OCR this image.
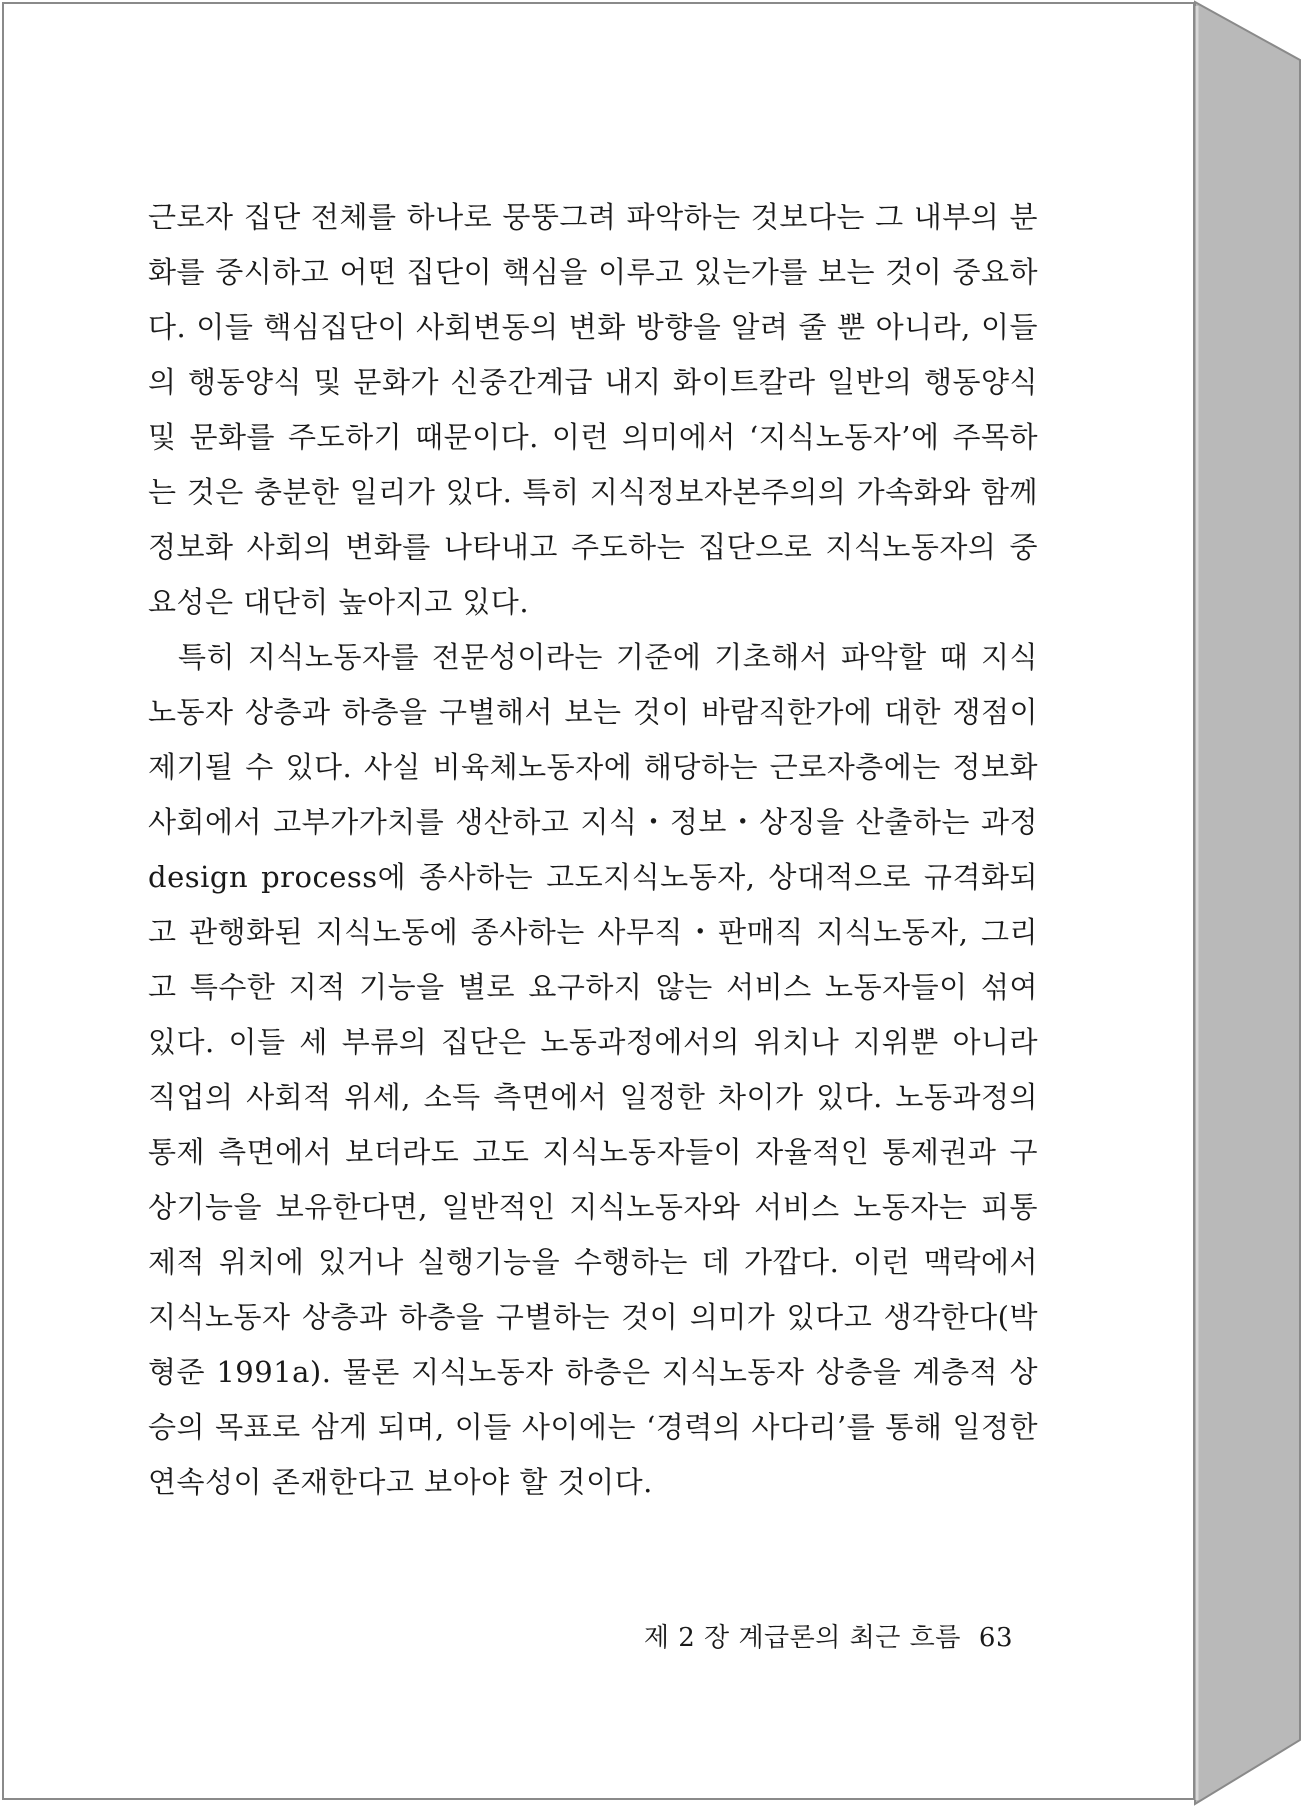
근로자 집단 전체를 하나로 뭉뚱그려 파악하는 것보다는 그 내부의 분화를 중시하고 어떤 집단이 핵심을 이루고 있는가를 보는 것이 중요하다. 이들 핵심집단이 사회변동의 변화 방향을 알려 줄 뿐 아니라, 이들의 행동양식 및 문화가 신중간계급 내지 화이트칼라 일반의 행동양식 및 문화를 주도하기 때문이다. 이런 의미에서 ‘지식노동자’에 주목하는 것은 충분한 일리가 있다. 특히 지식정보자본주의의 가속화와 함께 정보화 사회의 변화를 나타내고 주도하는 집단으로 지식노동자의 중요성은 대단히 높아지고 있다.

특히 지식노동자를 전문성이라는 기준에 기초해서 파악할 때 지식노동자 상층과 하층을 구별해서 보는 것이 바람직한가에 대한 쟁점이 제기될 수 있다. 사실 비육체노동자에 해당하는 근로자층에는 정보화 사회에서 고부가가치를 생산하고 지식・정보・상징을 산출하는 과정 design process에 종사하는 고도지식노동자, 상대적으로 규격화되고 관행화된 지식노동에 종사하는 사무직・판매직 지식노동자, 그리고 특수한 지적 기능을 별로 요구하지 않는 서비스 노동자들이 섞여 있다. 이들 세 부류의 집단은 노동과정에서의 위치나 지위뿐 아니라 직업의 사회적 위세, 소득 측면에서 일정한 차이가 있다. 노동과정의 통제 측면에서 보더라도 고도 지식노동자들이 자율적인 통제권과 구상기능을 보유한다면, 일반적인 지식노동자와 서비스 노동자는 피통제적 위치에 있거나 실행기능을 수행하는 데 가깝다. 이런 맥락에서 지식노동자 상층과 하층을 구별하는 것이 의미가 있다고 생각한다(박형준 1991a). 물론 지식노동자 하층은 지식노동자 상층을 계층적 상승의 목표로 삼게 되며, 이들 사이에는 ‘경력의 사다리’를 통해 일정한 연속성이 존재한다고 보아야 할 것이다.

제 2 장 계급론의 최근 흐름 63
